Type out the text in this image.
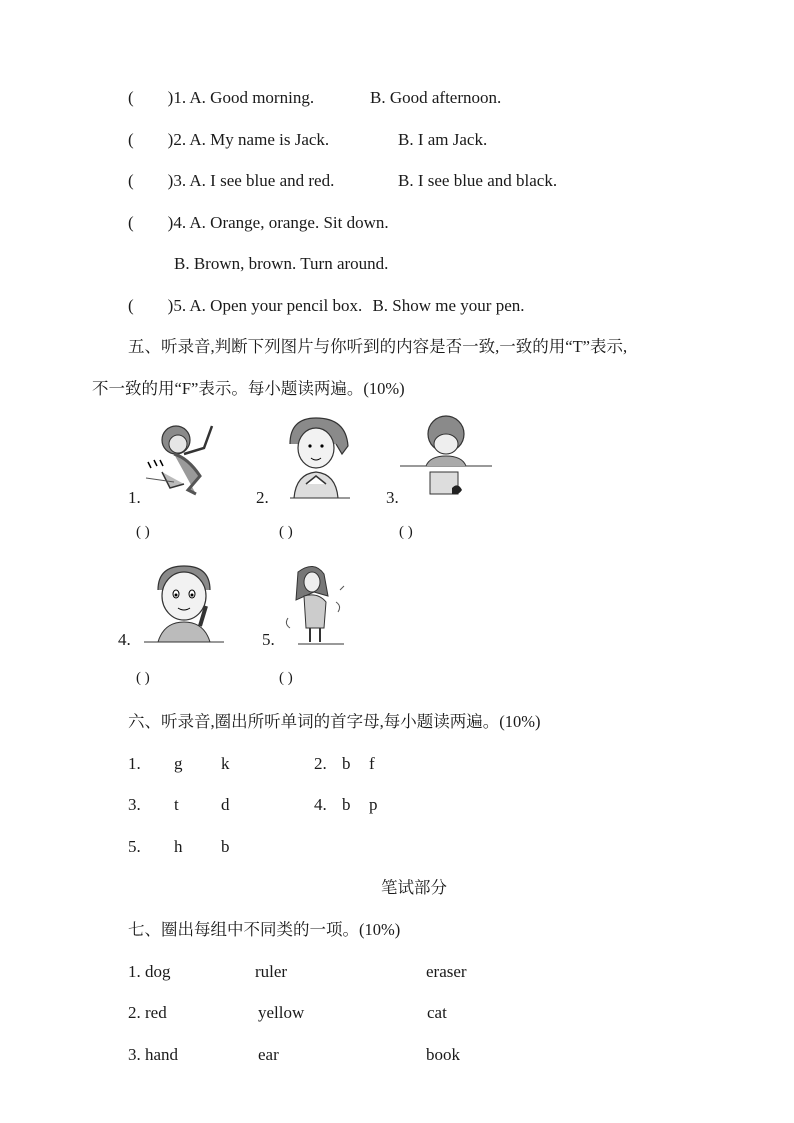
( )1. A. Good morning.	B. Good afternoon.
( )2. A. My name is Jack.	B. I am Jack.
( )3. A. I see blue and red.	B. I see blue and black.
( )4. A. Orange, orange. Sit down.
B. Brown, brown. Turn around.
( )5. A. Open your pencil box. B. Show me your pen.
五、听录音,判断下列图片与你听到的内容是否一致,一致的用“T”表示,
不一致的用“F”表示。每小题读两遍。(10%)
1.	2.	3.
( )	( )	( )
4.	5.
( )	( )
六、听录音,圈出所听单词的首字母,每小题读两遍。(10%)
1. g k	2. b f
3. t d	4. b p
5. h b
笔试部分
七、圈出每组中不同类的一项。(10%)
1. dog	ruler	eraser
2. red	yellow	cat
3. hand	ear	book
